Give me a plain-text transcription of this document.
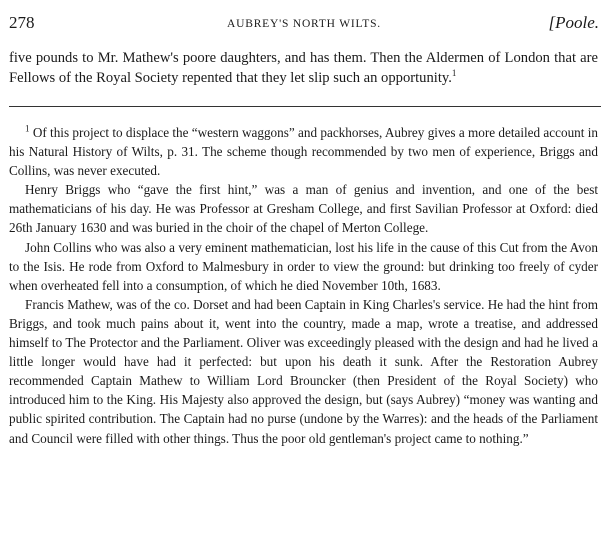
278	AUBREY'S NORTH WILTS.	[Poole.

five pounds to Mr. Mathew's poore daughters, and has them. Then the Aldermen of London that are Fellows of the Royal Society repented that they let slip such an opportunity.$^1$

$^1$ Of this project to displace the “western waggons” and packhorses, Aubrey gives a more detailed account in his Natural History of Wilts, p. 31. The scheme though recommended by two men of experience, Briggs and Collins, was never executed.

Henry Briggs who “gave the first hint,” was a man of genius and invention, and one of the best mathematicians of his day. He was Professor at Gresham College, and first Savilian Professor at Oxford: died 26th January 1630 and was buried in the choir of the chapel of Merton College.

John Collins who was also a very eminent mathematician, lost his life in the cause of this Cut from the Avon to the Isis. He rode from Oxford to Malmesbury in order to view the ground: but drinking too freely of cyder when overheated fell into a consumption, of which he died November 10th, 1683.

Francis Mathew, was of the co. Dorset and had been Captain in King Charles's service. He had the hint from Briggs, and took much pains about it, went into the country, made a map, wrote a treatise, and addressed himself to The Protector and the Parliament. Oliver was exceedingly pleased with the design and had he lived a little longer would have had it perfected: but upon his death it sunk. After the Restoration Aubrey recommended Captain Mathew to William Lord Brouncker (then President of the Royal Society) who introduced him to the King. His Majesty also approved the design, but (says Aubrey) “money was wanting and public spirited contribution. The Captain had no purse (undone by the Warres): and the heads of the Parliament and Council were filled with other things. Thus the poor old gentleman's project came to nothing.”
